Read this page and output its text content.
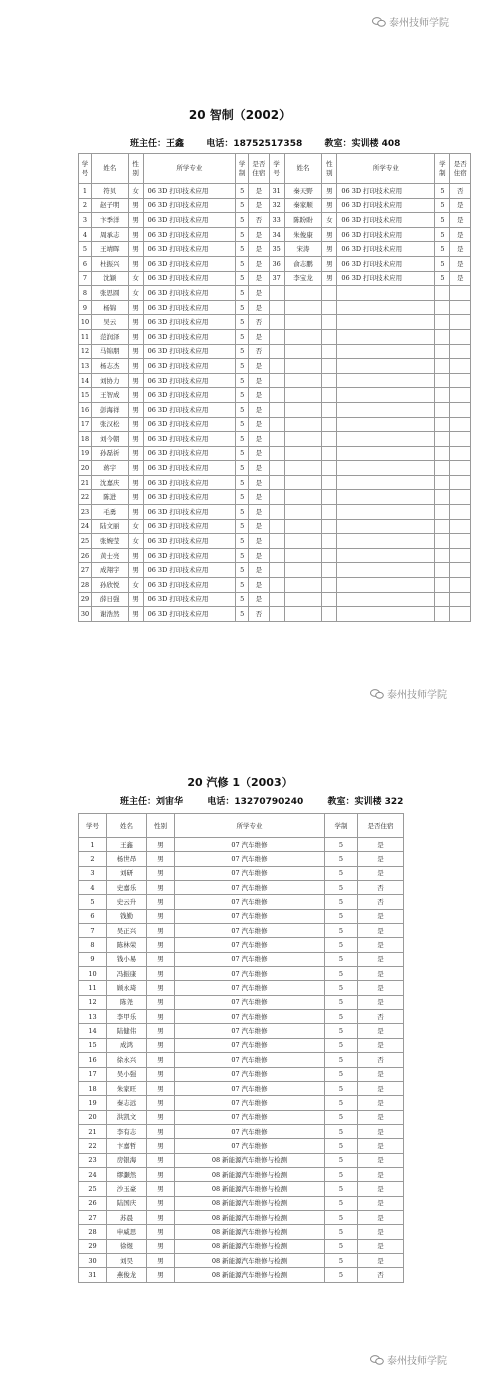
泰州技师学院
泰州技师学院
泰州技师学院
20 智制（2002）
班主任：王鑫 电话：18752517358 教室：实训楼 408
学号	姓名	性别	所学专业	学制	是否住宿	学号	姓名	性别	所学专业	学制	是否住宿
1	符贝	女	06 3D 打印技术应用	5	是	31	秦天野	男	06 3D 打印技术应用	5	否
2	赵子明	男	06 3D 打印技术应用	5	是	32	秦家顺	男	06 3D 打印技术应用	5	是
3	卞季洋	男	06 3D 打印技术应用	5	否	33	陈盼盼	女	06 3D 打印技术应用	5	是
4	周承志	男	06 3D 打印技术应用	5	是	34	朱俊康	男	06 3D 打印技术应用	5	是
5	王靖晖	男	06 3D 打印技术应用	5	是	35	宋涛	男	06 3D 打印技术应用	5	是
6	杜振兴	男	06 3D 打印技术应用	5	是	36	俞志鹏	男	06 3D 打印技术应用	5	是
7	沈颖	女	06 3D 打印技术应用	5	是	37	李宝龙	男	06 3D 打印技术应用	5	是
8	张思圆	女	06 3D 打印技术应用	5	是						
9	杨锦	男	06 3D 打印技术应用	5	是						
10	吴云	男	06 3D 打印技术应用	5	否						
11	范润泽	男	06 3D 打印技术应用	5	是						
12	马锦朋	男	06 3D 打印技术应用	5	否						
13	杨志杰	男	06 3D 打印技术应用	5	是						
14	刘协力	男	06 3D 打印技术应用	5	是						
15	王智成	男	06 3D 打印技术应用	5	是						
16	彭海祥	男	06 3D 打印技术应用	5	是						
17	张汉松	男	06 3D 打印技术应用	5	是						
18	刘今朝	男	06 3D 打印技术应用	5	是						
19	孙磊祈	男	06 3D 打印技术应用	5	是						
20	蒋宇	男	06 3D 打印技术应用	5	是						
21	沈嘉庆	男	06 3D 打印技术应用	5	是						
22	陈进	男	06 3D 打印技术应用	5	是						
23	毛勇	男	06 3D 打印技术应用	5	是						
24	陆文丽	女	06 3D 打印技术应用	5	是						
25	张婉莹	女	06 3D 打印技术应用	5	是						
26	黄士亮	男	06 3D 打印技术应用	5	是						
27	成翔宇	男	06 3D 打印技术应用	5	是						
28	孙欣悦	女	06 3D 打印技术应用	5	是						
29	薛日强	男	06 3D 打印技术应用	5	是						
30	谢浩然	男	06 3D 打印技术应用	5	否						
20 汽修 1（2003）
班主任：刘宙华	电话：13270790240	教室：实训楼 322
学号	姓名	性别	所学专业	学制	是否住宿
1	王鑫	男	07 汽车维修	5	是
2	杨世昂	男	07 汽车维修	5	是
3	刘研	男	07 汽车维修	5	是
4	史嘉乐	男	07 汽车维修	5	否
5	史云升	男	07 汽车维修	5	否
6	钱勤	男	07 汽车维修	5	是
7	吴正兴	男	07 汽车维修	5	是
8	陈林荣	男	07 汽车维修	5	是
9	钱小易	男	07 汽车维修	5	是
10	冯振康	男	07 汽车维修	5	是
11	顾永琦	男	07 汽车维修	5	是
12	陈尧	男	07 汽车维修	5	是
13	李甲乐	男	07 汽车维修	5	否
14	陆健伟	男	07 汽车维修	5	是
15	成鸿	男	07 汽车维修	5	是
16	徐永兴	男	07 汽车维修	5	否
17	吴小强	男	07 汽车维修	5	是
18	朱家旺	男	07 汽车维修	5	是
19	秦志远	男	07 汽车维修	5	是
20	洪凯文	男	07 汽车维修	5	是
21	李有志	男	07 汽车维修	5	是
22	卞嘉哲	男	07 汽车维修	5	是
23	房银海	男	08 新能源汽车维修与检测	5	是
24	缪灏然	男	08 新能源汽车维修与检测	5	是
25	沙玉豪	男	08 新能源汽车维修与检测	5	是
26	陆国庆	男	08 新能源汽车维修与检测	5	是
27	苏晨	男	08 新能源汽车维修与检测	5	是
28	申威思	男	08 新能源汽车维修与检测	5	是
29	徐煜	男	08 新能源汽车维修与检测	5	是
30	刘昊	男	08 新能源汽车维修与检测	5	是
31	燕俊龙	男	08 新能源汽车维修与检测	5	否
